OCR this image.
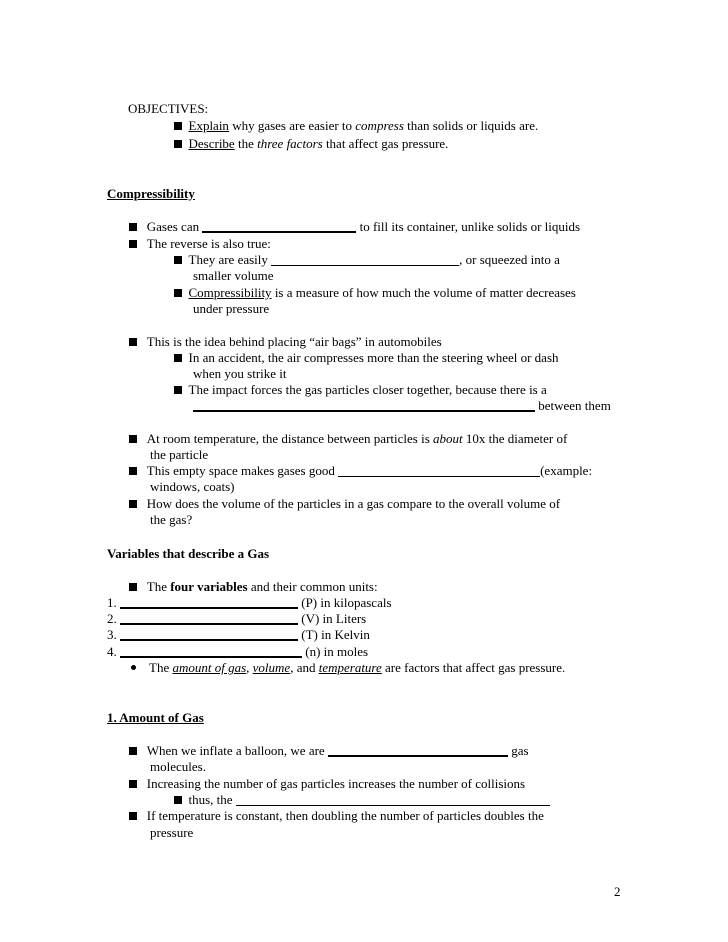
OBJECTIVES:
Explain why gases are easier to compress than solids or liquids are.
Describe the three factors that affect gas pressure.
Compressibility
Gases can	to fill its container, unlike solids or liquids
The reverse is also true:
They are easily	, or squeezed into a
smaller volume
Compressibility is a measure of how much the volume of matter decreases
under pressure
This is the idea behind placing “air bags” in automobiles
In an accident, the air compresses more than the steering wheel or dash
when you strike it
The impact forces the gas particles closer together, because there is a
between them
At room temperature, the distance between particles is about 10x the diameter of
the particle
This empty space makes gases good	(example:
windows, coats)
How does the volume of the particles in a gas compare to the overall volume of
the gas?
Variables that describe a Gas
The four variables and their common units:
1.	(P) in kilopascals
2.	(V) in Liters
3.	(T) in Kelvin
4.	(n) in moles
The amount of gas, volume, and temperature are factors that affect gas pressure.
1. Amount of Gas
When we inflate a balloon, we are	gas
molecules.
Increasing the number of gas particles increases the number of collisions
thus, the
If temperature is constant, then doubling the number of particles doubles the
pressure
2
